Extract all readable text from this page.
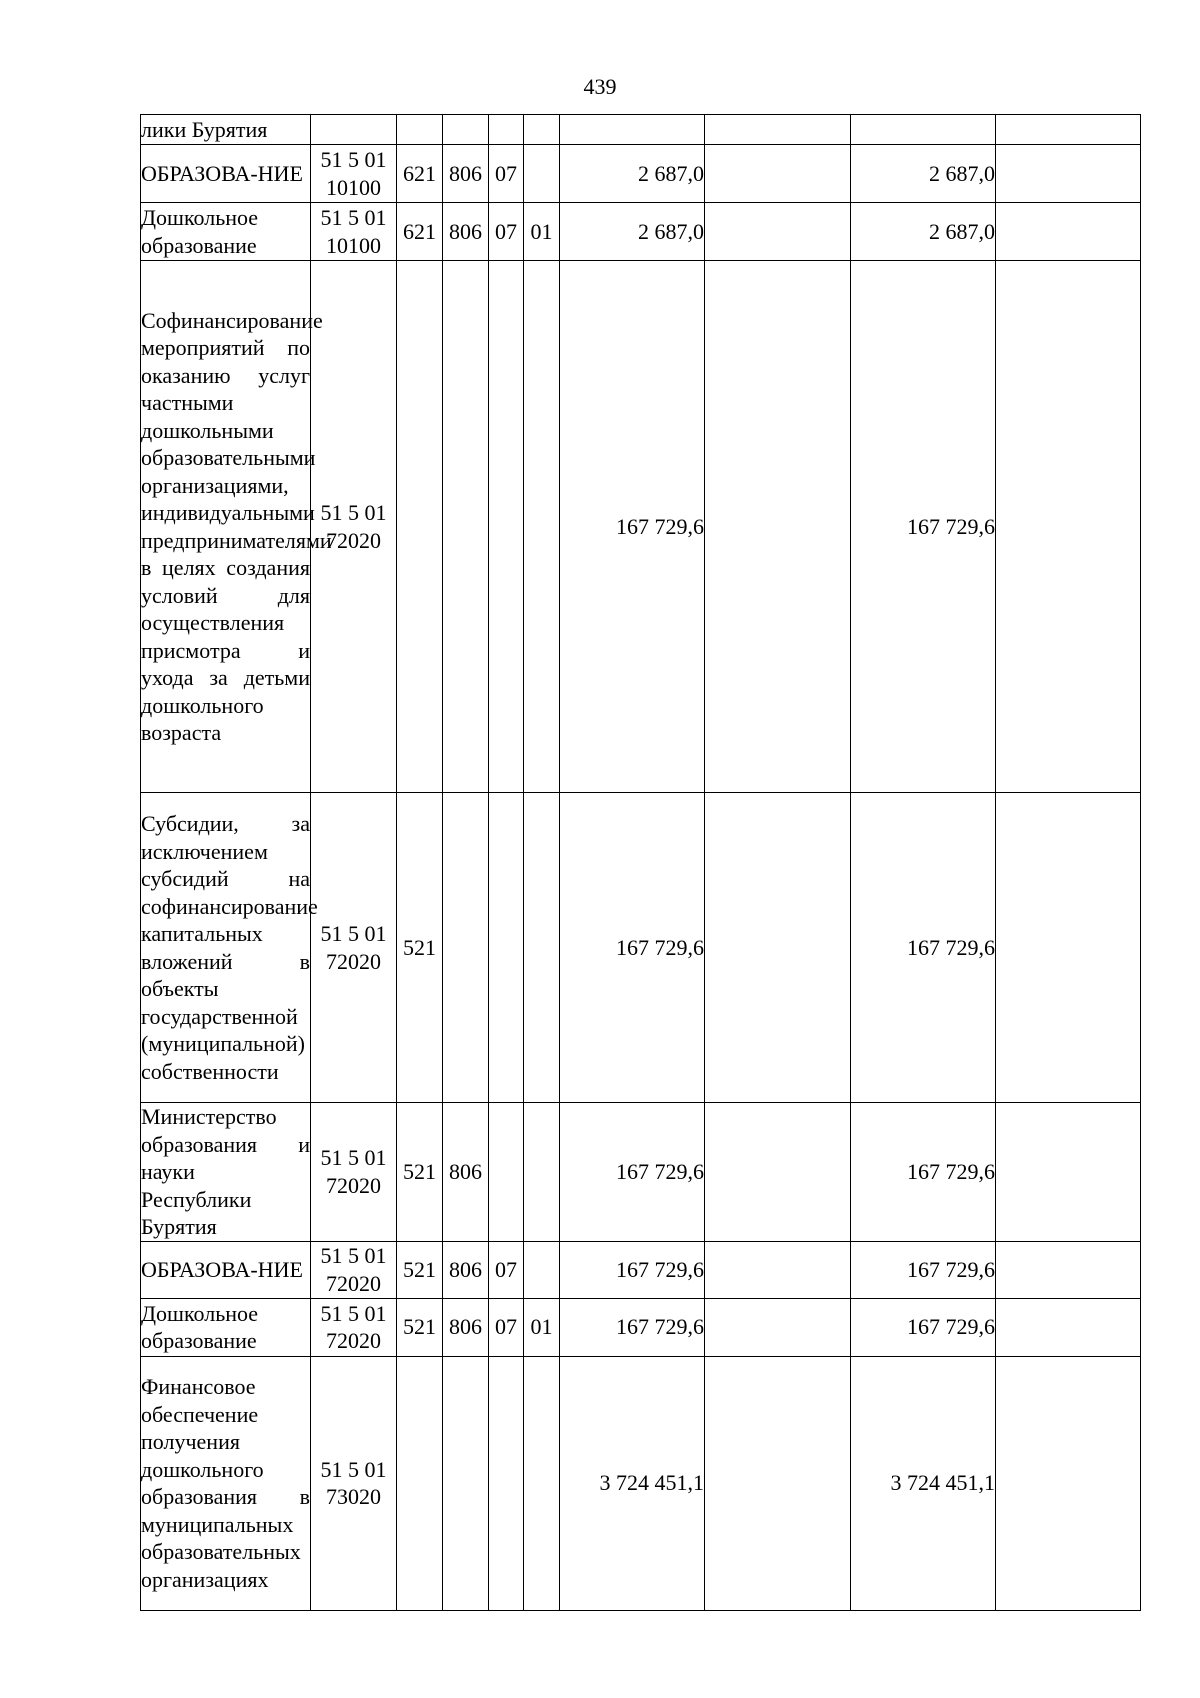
439
лики Бурятия									

ОБРАЗОВА-НИЕ	51 5 01 10100	621	806	07		2 687,0		2 687,0	

Дошкольное образование	51 5 01 10100	621	806	07	01	2 687,0		2 687,0	

Софинансирование мероприятий по оказанию услуг частными дошкольными образовательными организациями, индивидуальными предпринимателями в целях создания условий для осуществления присмотра и ухода за детьми дошкольного возраста	51 5 01 72020					167 729,6		167 729,6	

Субсидии, за исключением субсидий на софинансирование капитальных вложений в объекты государственной (муниципальной) собственности	51 5 01 72020	521				167 729,6		167 729,6	

Министерство образования и науки Республики Бурятия	51 5 01 72020	521	806			167 729,6		167 729,6	

ОБРАЗОВА-НИЕ	51 5 01 72020	521	806	07		167 729,6		167 729,6	

Дошкольное образование	51 5 01 72020	521	806	07	01	167 729,6		167 729,6	

Финансовое обеспечение получения дошкольного образования в муниципальных образовательных организациях	51 5 01 73020					3 724 451,1		3 724 451,1	
